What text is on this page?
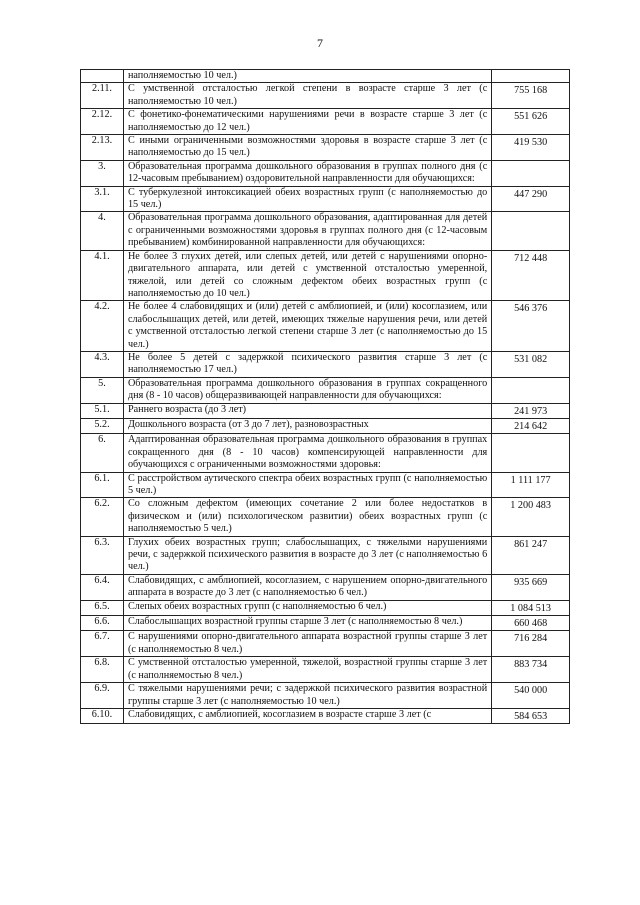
7
	наполняемостью 10 чел.)	
2.11.	С умственной отсталостью легкой степени в возрасте старше 3 лет (с наполняемостью 10 чел.)	755 168
2.12.	С фонетико-фонематическими нарушениями речи в возрасте старше 3 лет (с наполняемостью до 12 чел.)	551 626
2.13.	С иными ограниченными возможностями здоровья в возрасте старше 3 лет (с наполняемостью до 15 чел.)	419 530
3.	Образовательная программа дошкольного образования в группах полного дня (с 12-часовым пребыванием) оздоровительной направленности для обучающихся:	
3.1.	С туберкулезной интоксикацией обеих возрастных групп (с наполняемостью до 15 чел.)	447 290
4.	Образовательная программа дошкольного образования, адаптированная для детей с ограниченными возможностями здоровья в группах полного дня (с 12-часовым пребыванием) комбинированной направленности для обучающихся:	
4.1.	Не более 3 глухих детей, или слепых детей, или детей с нарушениями опорно-двигательного аппарата, или детей с умственной отсталостью умеренной, тяжелой, или детей со сложным дефектом обеих возрастных групп (с наполняемостью до 10 чел.)	712 448
4.2.	Не более 4 слабовидящих и (или) детей с амблиопией, и (или) косоглазием, или слабослышащих детей, или детей, имеющих тяжелые нарушения речи, или детей с умственной отсталостью легкой степени старше 3 лет (с наполняемостью до 15 чел.)	546 376
4.3.	Не более 5 детей с задержкой психического развития старше 3 лет (с наполняемостью 17 чел.)	531 082
5.	Образовательная программа дошкольного образования в группах сокращенного дня (8 - 10 часов) общеразвивающей направленности для обучающихся:	
5.1.	Раннего возраста (до 3 лет)	241 973
5.2.	Дошкольного возраста (от 3 до 7 лет), разновозрастных	214 642
6.	Адаптированная образовательная программа дошкольного образования в группах сокращенного дня (8 - 10 часов) компенсирующей направленности для обучающихся с ограниченными возможностями здоровья:	
6.1.	С расстройством аутического спектра обеих возрастных групп (с наполняемостью 5 чел.)	1 111 177
6.2.	Со сложным дефектом (имеющих сочетание 2 или более недостатков в физическом и (или) психологическом развитии) обеих возрастных групп (с наполняемостью 5 чел.)	1 200 483
6.3.	Глухих обеих возрастных групп; слабослышащих, с тяжелыми нарушениями речи, с задержкой психического развития в возрасте до 3 лет (с наполняемостью 6 чел.)	861 247
6.4.	Слабовидящих, с амблиопией, косоглазием, с нарушением опорно-двигательного аппарата в возрасте до 3 лет (с наполняемостью 6 чел.)	935 669
6.5.	Слепых обеих возрастных групп (с наполняемостью 6 чел.)	1 084 513
6.6.	Слабослышащих возрастной группы старше 3 лет (с наполняемостью 8 чел.)	660 468
6.7.	С нарушениями опорно-двигательного аппарата возрастной группы старше 3 лет (с наполняемостью 8 чел.)	716 284
6.8.	С умственной отсталостью умеренной, тяжелой, возрастной группы старше 3 лет (с наполняемостью 8 чел.)	883 734
6.9.	С тяжелыми нарушениями речи; с задержкой психического развития возрастной группы старше 3 лет (с наполняемостью 10 чел.)	540 000
6.10.	Слабовидящих, с амблиопией, косоглазием в возрасте старше 3 лет (с	584 653
